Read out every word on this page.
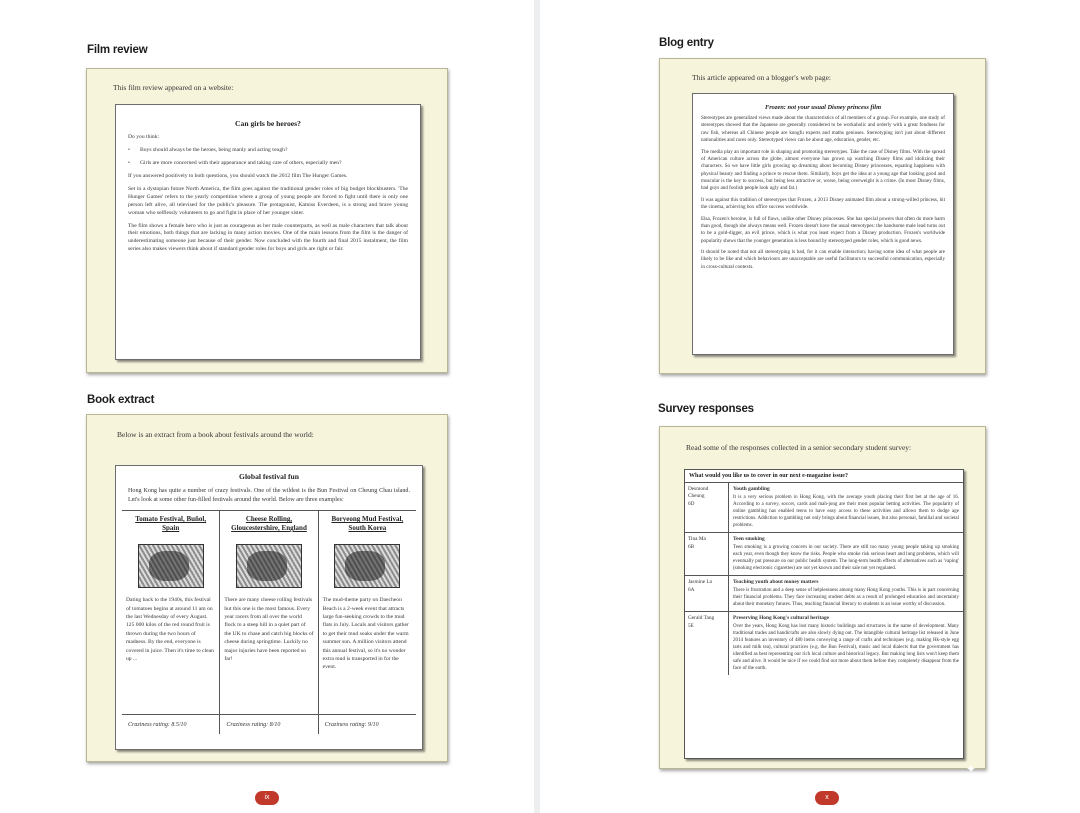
Film review
This film review appeared on a website:
Can girls be heroes?
Do you think:
•	Boys should always be the heroes, being manly and acting tough?
•	Girls are more concerned with their appearance and taking care of others, especially men?
If you answered positively to both questions, you should watch the 2012 film The Hunger Games.
Set in a dystopian future North America, the film goes against the traditional gender roles of big budget blockbusters. 'The Hunger Games' refers to the yearly competition where a group of young people are forced to fight until there is only one person left alive, all televised for the public's pleasure. The protagonist, Katniss Everdeen, is a strong and brave young woman who selflessly volunteers to go and fight in place of her younger sister.
The film shows a female hero who is just as courageous as her male counterparts, as well as male characters that talk about their emotions, both things that are lacking in many action movies. One of the main lessons from the film is the danger of underestimating someone just because of their gender. Now concluded with the fourth and final 2015 instalment, the film series also makes viewers think about if standard gender roles for boys and girls are right or fair.
Book extract
Below is an extract from a book about festivals around the world:
Global festival fun
Hong Kong has quite a number of crazy festivals. One of the wildest is the Bun Festival on Cheung Chau island. Let's look at some other fun-filled festivals around the world. Below are three examples:
Tomato Festival, Buñol, Spain
Dating back to the 1940s, this festival of tomatoes begins at around 11 am on the last Wednesday of every August. 125 000 kilos of the red round fruit is thrown during the two hours of madness. By the end, everyone is covered in juice. Then it's time to clean up ...
Craziness rating: 8.5/10
Cheese Rolling, Gloucestershire, England
There are many cheese rolling festivals but this one is the most famous. Every year racers from all over the world flock to a steep hill in a quiet part of the UK to chase and catch big blocks of cheese during springtime. Luckily no major injuries have been reported so far!
Craziness rating: 8/10
Boryeong Mud Festival, South Korea
The mud-theme party on Daecheon Beach is a 2-week event that attracts large fun-seeking crowds to the mud flats in July. Locals and visitors gather to get their mud soaks under the warm summer sun. A million visitors attend this annual festival, so it's no wonder extra mud is transported in for the event.
Craziness rating: 9/10
ix
Blog entry
This article appeared on a blogger's web page:
Frozen: not your usual Disney princess film
Stereotypes are generalized views made about the characteristics of all members of a group. For example, one study of stereotypes showed that the Japanese are generally considered to be workaholic and orderly with a great fondness for raw fish, whereas all Chinese people are kungfu experts and maths geniuses. Stereotyping isn't just about different nationalities and races only. Stereotyped views can be about age, education, gender, etc.
The media play an important role in shaping and promoting stereotypes. Take the case of Disney films. With the spread of American culture across the globe, almost everyone has grown up watching Disney films and idolizing their characters. So we have little girls growing up dreaming about becoming Disney princesses, equating happiness with physical beauty and finding a prince to rescue them. Similarly, boys get the idea at a young age that looking good and muscular is the key to success, but being less attractive or, worse, being overweight is a crime. (In most Disney films, bad guys and foolish people look ugly and fat.)
It was against this tradition of stereotypes that Frozen, a 2013 Disney animated film about a strong-willed princess, hit the cinema, achieving box office success worldwide.
Elsa, Frozen's heroine, is full of flaws, unlike other Disney princesses. She has special powers that often do more harm than good, though she always means well. Frozen doesn't have the usual stereotypes: the handsome male lead turns out to be a gold-digger, an evil prince, which is what you least expect from a Disney production. Frozen's worldwide popularity shows that the younger generation is less bound by stereotyped gender roles, which is good news.
It should be noted that not all stereotyping is bad, for it can enable interaction; having some idea of what people are likely to be like and which behaviours are unacceptable are useful facilitators to successful communication, especially in cross-cultural contexts.
Survey responses
Read some of the responses collected in a senior secondary student survey:
What would you like us to cover in our next e-magazine issue?
Desmond Cheung
6D
Youth gambling
It is a very serious problem in Hong Kong, with the average youth placing their first bet at the age of 16. According to a survey, soccer, cards and mah-jong are their most popular betting activities. The popularity of online gambling has enabled teens to have easy access to these activities and allows them to dodge age restrictions. Addiction to gambling not only brings about financial issues, but also personal, familial and societal problems.
Tina Ma
6B
Teen smoking
Teen smoking is a growing concern in our society. There are still too many young people taking up smoking each year, even though they know the risks. People who smoke risk serious heart and lung problems, which will eventually put pressure on our public health system. The long-term health effects of alternatives such as 'vaping' (smoking electronic cigarettes) are not yet known and their sale not yet regulated.
Jasmine Lo
6A
Teaching youth about money matters
There is frustration and a deep sense of helplessness among many Hong Kong youths. This is in part concerning their financial problems. They face increasing student debts as a result of prolonged education and uncertainty about their monetary futures. Thus, teaching financial literacy to students is an issue worthy of discussion.
Gerald Tang
5E
Preserving Hong Kong's cultural heritage
Over the years, Hong Kong has lost many historic buildings and structures in the name of development. Many traditional trades and handicrafts are also slowly dying out. The intangible cultural heritage list released in June 2014 features an inventory of 480 items conveying a range of crafts and techniques (e.g. making Hk-style egg tarts and milk tea), cultural practices (e.g. the Bun Festival), music and local dialects that the government has identified as best representing our rich local culture and historical legacy. But making long lists won't keep them safe and alive. It would be nice if we could find out more about them before they completely disappear from the face of the earth.
✦
x
